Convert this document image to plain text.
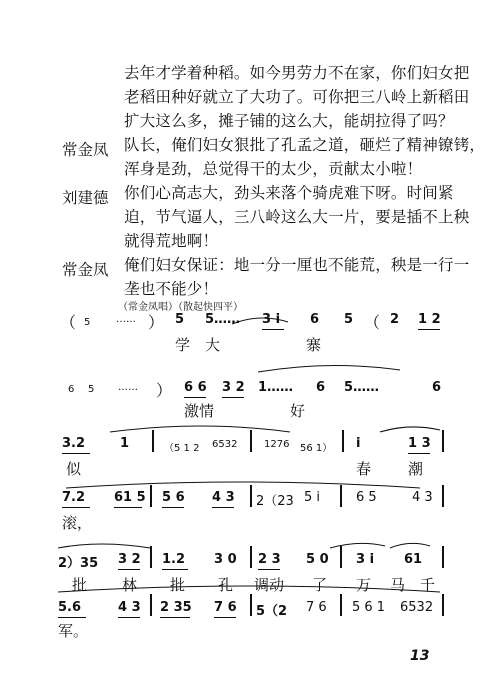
去年才学着种稻。如今男劳力不在家，你们妇女把
老稻田种好就立了大功了。可你把三八岭上新稻田
扩大这么多，摊子铺的这么大，能胡拉得了吗？
常金凤 队长，俺们妇女狠批了孔孟之道，砸烂了精神镣铐，
浑身是劲，总觉得干的太少，贡献太小啦！
刘建德 你们心高志大，劲头来落个骑虎难下呀。时间紧
迫，节气逼人，三八岭这么大一片，要是插不上秧
就得荒地啊！
常金凤 俺们妇女保证：地一分一厘也不能荒，秧是一行一
垄也不能少！
（常金凤唱）（散起快四平）
（ 5	…… ） 5 5…… 3 i 6 5 （ 2 1 2
学 大	寨
6 5 …… ） 6 6 3 2 1…… 6 5……	6
激情	好
3.2	1	（5 1 2 6532	1276 56 1） i	1 3
似	春 潮
7.2 61 5 5 6 4 3 2（23 5 i	6 5	4 3
滚，
2）35 3 2 1.2 3 0 2 3 5 0 3 i 61
批 林 批 孔 调动 了 万 马 千
5.6	4 3 2 35 7 6 5（2 7 6 5 6 1 6532
军。
13
